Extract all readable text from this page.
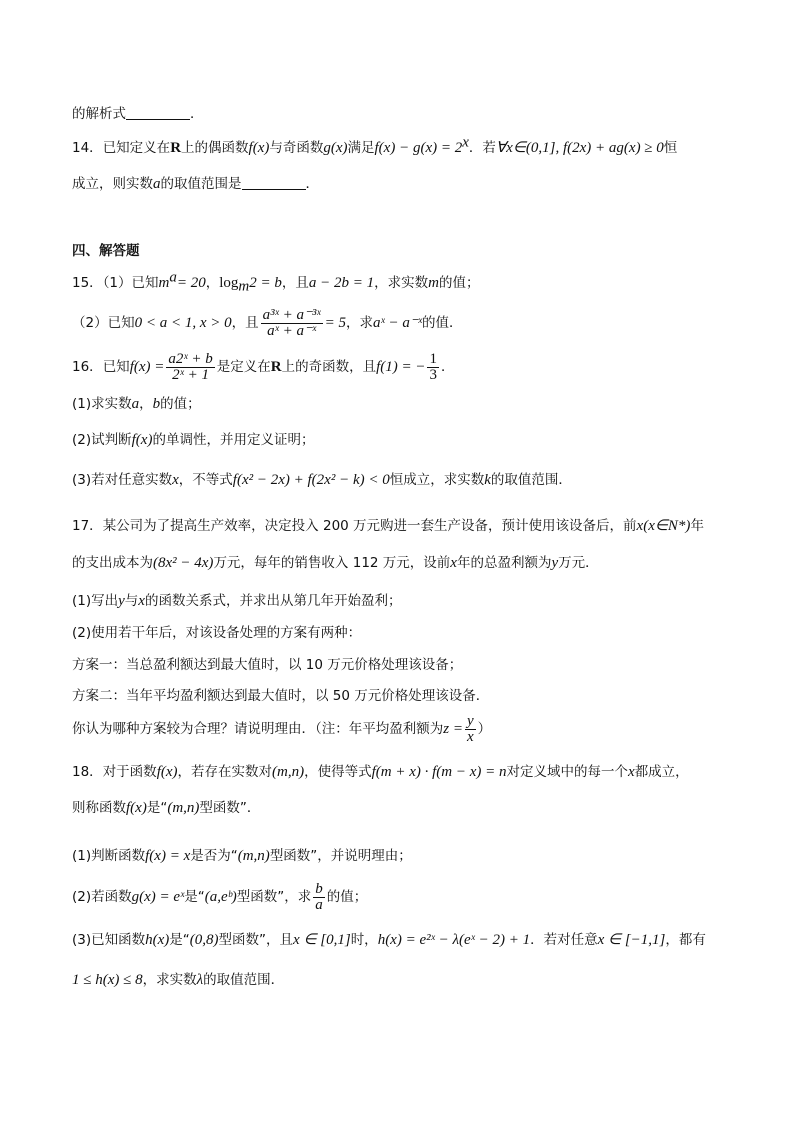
的解析式	．
14．已知定义在R上的偶函数f(x)与奇函数g(x)满足$f(x) - g(x) = 2^x$．若∀x∈(0,1], f(2x) + ag(x) ≥ 0恒
成立，则实数a的取值范围是	．
四、解答题
15．（1）已知$m^a= 20$，$\log_m2 = b$，且a − 2b = 1，求实数m的值；
（2）已知0 < a < 1, x > 0，且 $\frac{\text{a³ˣ + a⁻³ˣ}}{\text{aˣ + a⁻ˣ}} = 5$，求aˣ − a⁻ˣ的值．
16．已知$f(x) = \frac{\text{a2ˣ + b}}{\text{2ˣ + 1}}$ 是定义在R上的奇函数，且f(1) = − $\frac{1}{3}$ ．
(1)求实数a，b的值；
(2)试判断f(x)的单调性，并用定义证明；
(3)若对任意实数x，不等式f(x² − 2x) + f(2x² − k) < 0恒成立，求实数k的取值范围．
17．某公司为了提高生产效率，决定投入 200 万元购进一套生产设备，预计使用该设备后，前x(x∈N*)年
的支出成本为(8x² − 4x)万元，每年的销售收入 112 万元，设前x年的总盈利额为y万元．
(1)写出y与x的函数关系式，并求出从第几年开始盈利；
(2)使用若干年后，对该设备处理的方案有两种：
方案一：当总盈利额达到最大值时，以 10 万元价格处理该设备；
方案二：当年平均盈利额达到最大值时，以 50 万元价格处理该设备．
你认为哪种方案较为合理？请说明理由．（注：年平均盈利额为$z = \frac{y}{x}$ ）
18．对于函数f(x)，若存在实数对(m,n)，使得等式f(m + x) · f(m − x) = n对定义域中的每一个x都成立，
则称函数f(x)是“(m,n)型函数”．
(1)判断函数f(x) = x是否为“(m,n)型函数”，并说明理由；
(2)若函数g(x) = eˣ是“(a,eᵇ)型函数”，求 $\frac{b}{a}$ 的值；
(3)已知函数h(x)是“(0,8)型函数”，且x ∈ [0,1]时，h(x) = e²ˣ − λ(eˣ − 2) + 1．若对任意x ∈ [−1,1]，都有
1 ≤ h(x) ≤ 8，求实数λ的取值范围．
